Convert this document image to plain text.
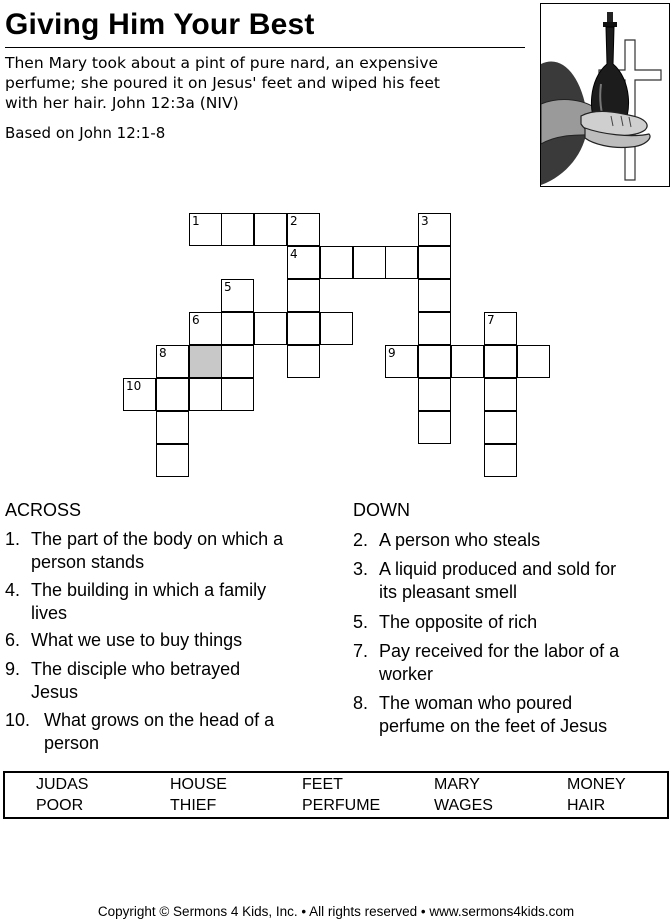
Giving Him Your Best
Then Mary took about a pint of pure nard, an expensive
perfume; she poured it on Jesus' feet and wiped his feet
with her hair. John 12:3a (NIV)
Based on John 12:1-8
1	2	3
4
5
6	7
8	9
10
ACROSS
1. The part of the body on which a
person stands
4. The building in which a family
lives
6. What we use to buy things
9. The disciple who betrayed
Jesus
10. What grows on the head of a
person
DOWN
2. A person who steals
3. A liquid produced and sold for
its pleasant smell
5. The opposite of rich
7. Pay received for the labor of a
worker
8. The woman who poured
perfume on the feet of Jesus
JUDAS	HOUSE	FEET	MARY	MONEY
POOR	THIEF	PERFUME	WAGES	HAIR
Copyright © Sermons 4 Kids, Inc. • All rights reserved • www.sermons4kids.com
